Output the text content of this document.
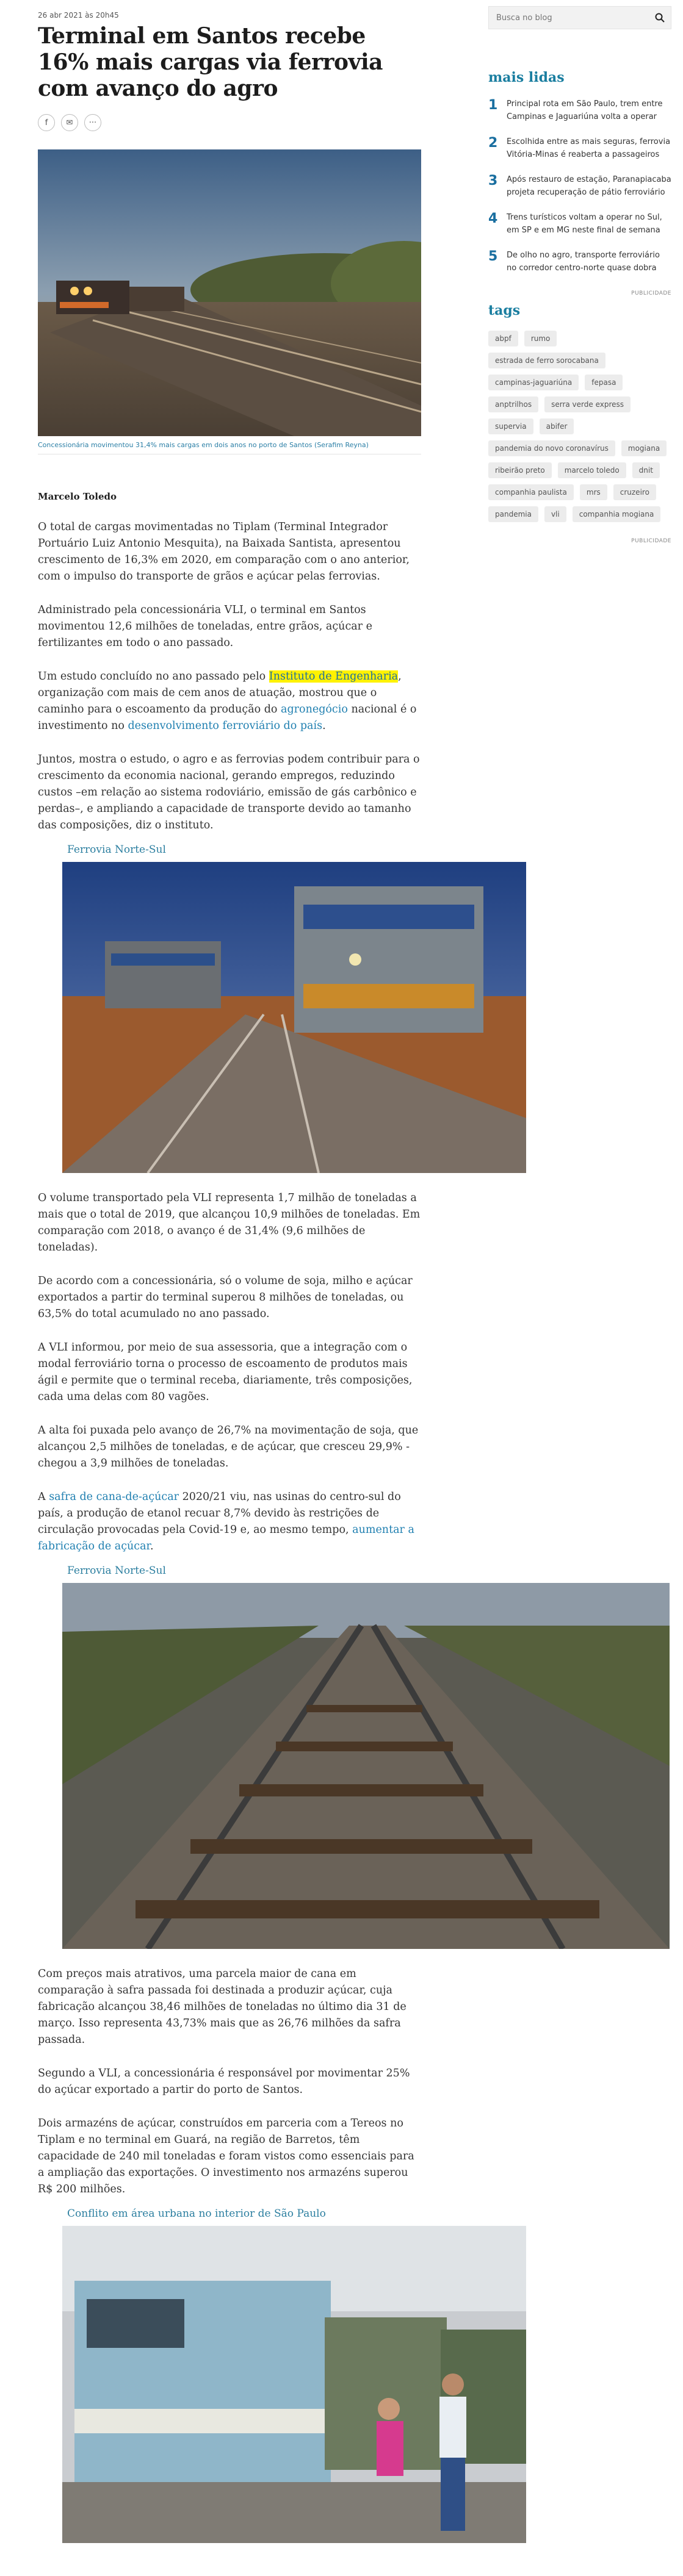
26 abr 2021 às 20h45
Terminal em Santos recebe 16% mais cargas via ferrovia com avanço do agro
f ✉ ···

Concessionária movimentou 31,4% mais cargas em dois anos no porto de Santos (Serafim Reyna)

Marcelo Toledo

O total de cargas movimentadas no Tiplam (Terminal Integrador Portuário Luiz Antonio Mesquita), na Baixada Santista, apresentou crescimento de 16,3% em 2020, em comparação com o ano anterior, com o impulso do transporte de grãos e açúcar pelas ferrovias.

Administrado pela concessionária VLI, o terminal em Santos movimentou 12,6 milhões de toneladas, entre grãos, açúcar e fertilizantes em todo o ano passado.

Um estudo concluído no ano passado pelo Instituto de Engenharia, organização com mais de cem anos de atuação, mostrou que o caminho para o escoamento da produção do agronegócio nacional é o investimento no desenvolvimento ferroviário do país.

Juntos, mostra o estudo, o agro e as ferrovias podem contribuir para o crescimento da economia nacional, gerando empregos, reduzindo custos –em relação ao sistema rodoviário, emissão de gás carbônico e perdas–, e ampliando a capacidade de transporte devido ao tamanho das composições, diz o instituto.

Ferrovia Norte-Sul

O volume transportado pela VLI representa 1,7 milhão de toneladas a mais que o total de 2019, que alcançou 10,9 milhões de toneladas. Em comparação com 2018, o avanço é de 31,4% (9,6 milhões de toneladas).

De acordo com a concessionária, só o volume de soja, milho e açúcar exportados a partir do terminal superou 8 milhões de toneladas, ou 63,5% do total acumulado no ano passado.

A VLI informou, por meio de sua assessoria, que a integração com o modal ferroviário torna o processo de escoamento de produtos mais ágil e permite que o terminal receba, diariamente, três composições, cada uma delas com 80 vagões.

A alta foi puxada pelo avanço de 26,7% na movimentação de soja, que alcançou 2,5 milhões de toneladas, e de açúcar, que cresceu 29,9% - chegou a 3,9 milhões de toneladas.

A safra de cana-de-açúcar 2020/21 viu, nas usinas do centro-sul do país, a produção de etanol recuar 8,7% devido às restrições de circulação provocadas pela Covid-19 e, ao mesmo tempo, aumentar a fabricação de açúcar.

Ferrovia Norte-Sul

Com preços mais atrativos, uma parcela maior de cana em comparação à safra passada foi destinada a produzir açúcar, cuja fabricação alcançou 38,46 milhões de toneladas no último dia 31 de março. Isso representa 43,73% mais que as 26,76 milhões da safra passada.

Segundo a VLI, a concessionária é responsável por movimentar 25% do açúcar exportado a partir do porto de Santos.

Dois armazéns de açúcar, construídos em parceria com a Tereos no Tiplam e no terminal em Guará, na região de Barretos, têm capacidade de 240 mil toneladas e foram vistos como essenciais para a ampliação das exportações. O investimento nos armazéns superou R$ 200 milhões.

Conflito em área urbana no interior de São Paulo
Busca no blog
mais lidas
1 Principal rota em São Paulo, trem entre Campinas e Jaguariúna volta a operar
2 Escolhida entre as mais seguras, ferrovia Vitória-Minas é reaberta a passageiros
3 Após restauro de estação, Paranapiacaba projeta recuperação de pátio ferroviário
4 Trens turísticos voltam a operar no Sul, em SP e em MG neste final de semana
5 De olho no agro, transporte ferroviário no corredor centro-norte quase dobra
PUBLICIDADE
tags
abpf	rumo
estrada de ferro sorocabana
campinas-jaguariúna	fepasa
anptrilhos	serra verde express
supervia	abifer
pandemia do novo coronavírus	mogiana
ribeirão preto	marcelo toledo	dnit
companhia paulista	mrs	cruzeiro
pandemia	vli	companhia mogiana
PUBLICIDADE
